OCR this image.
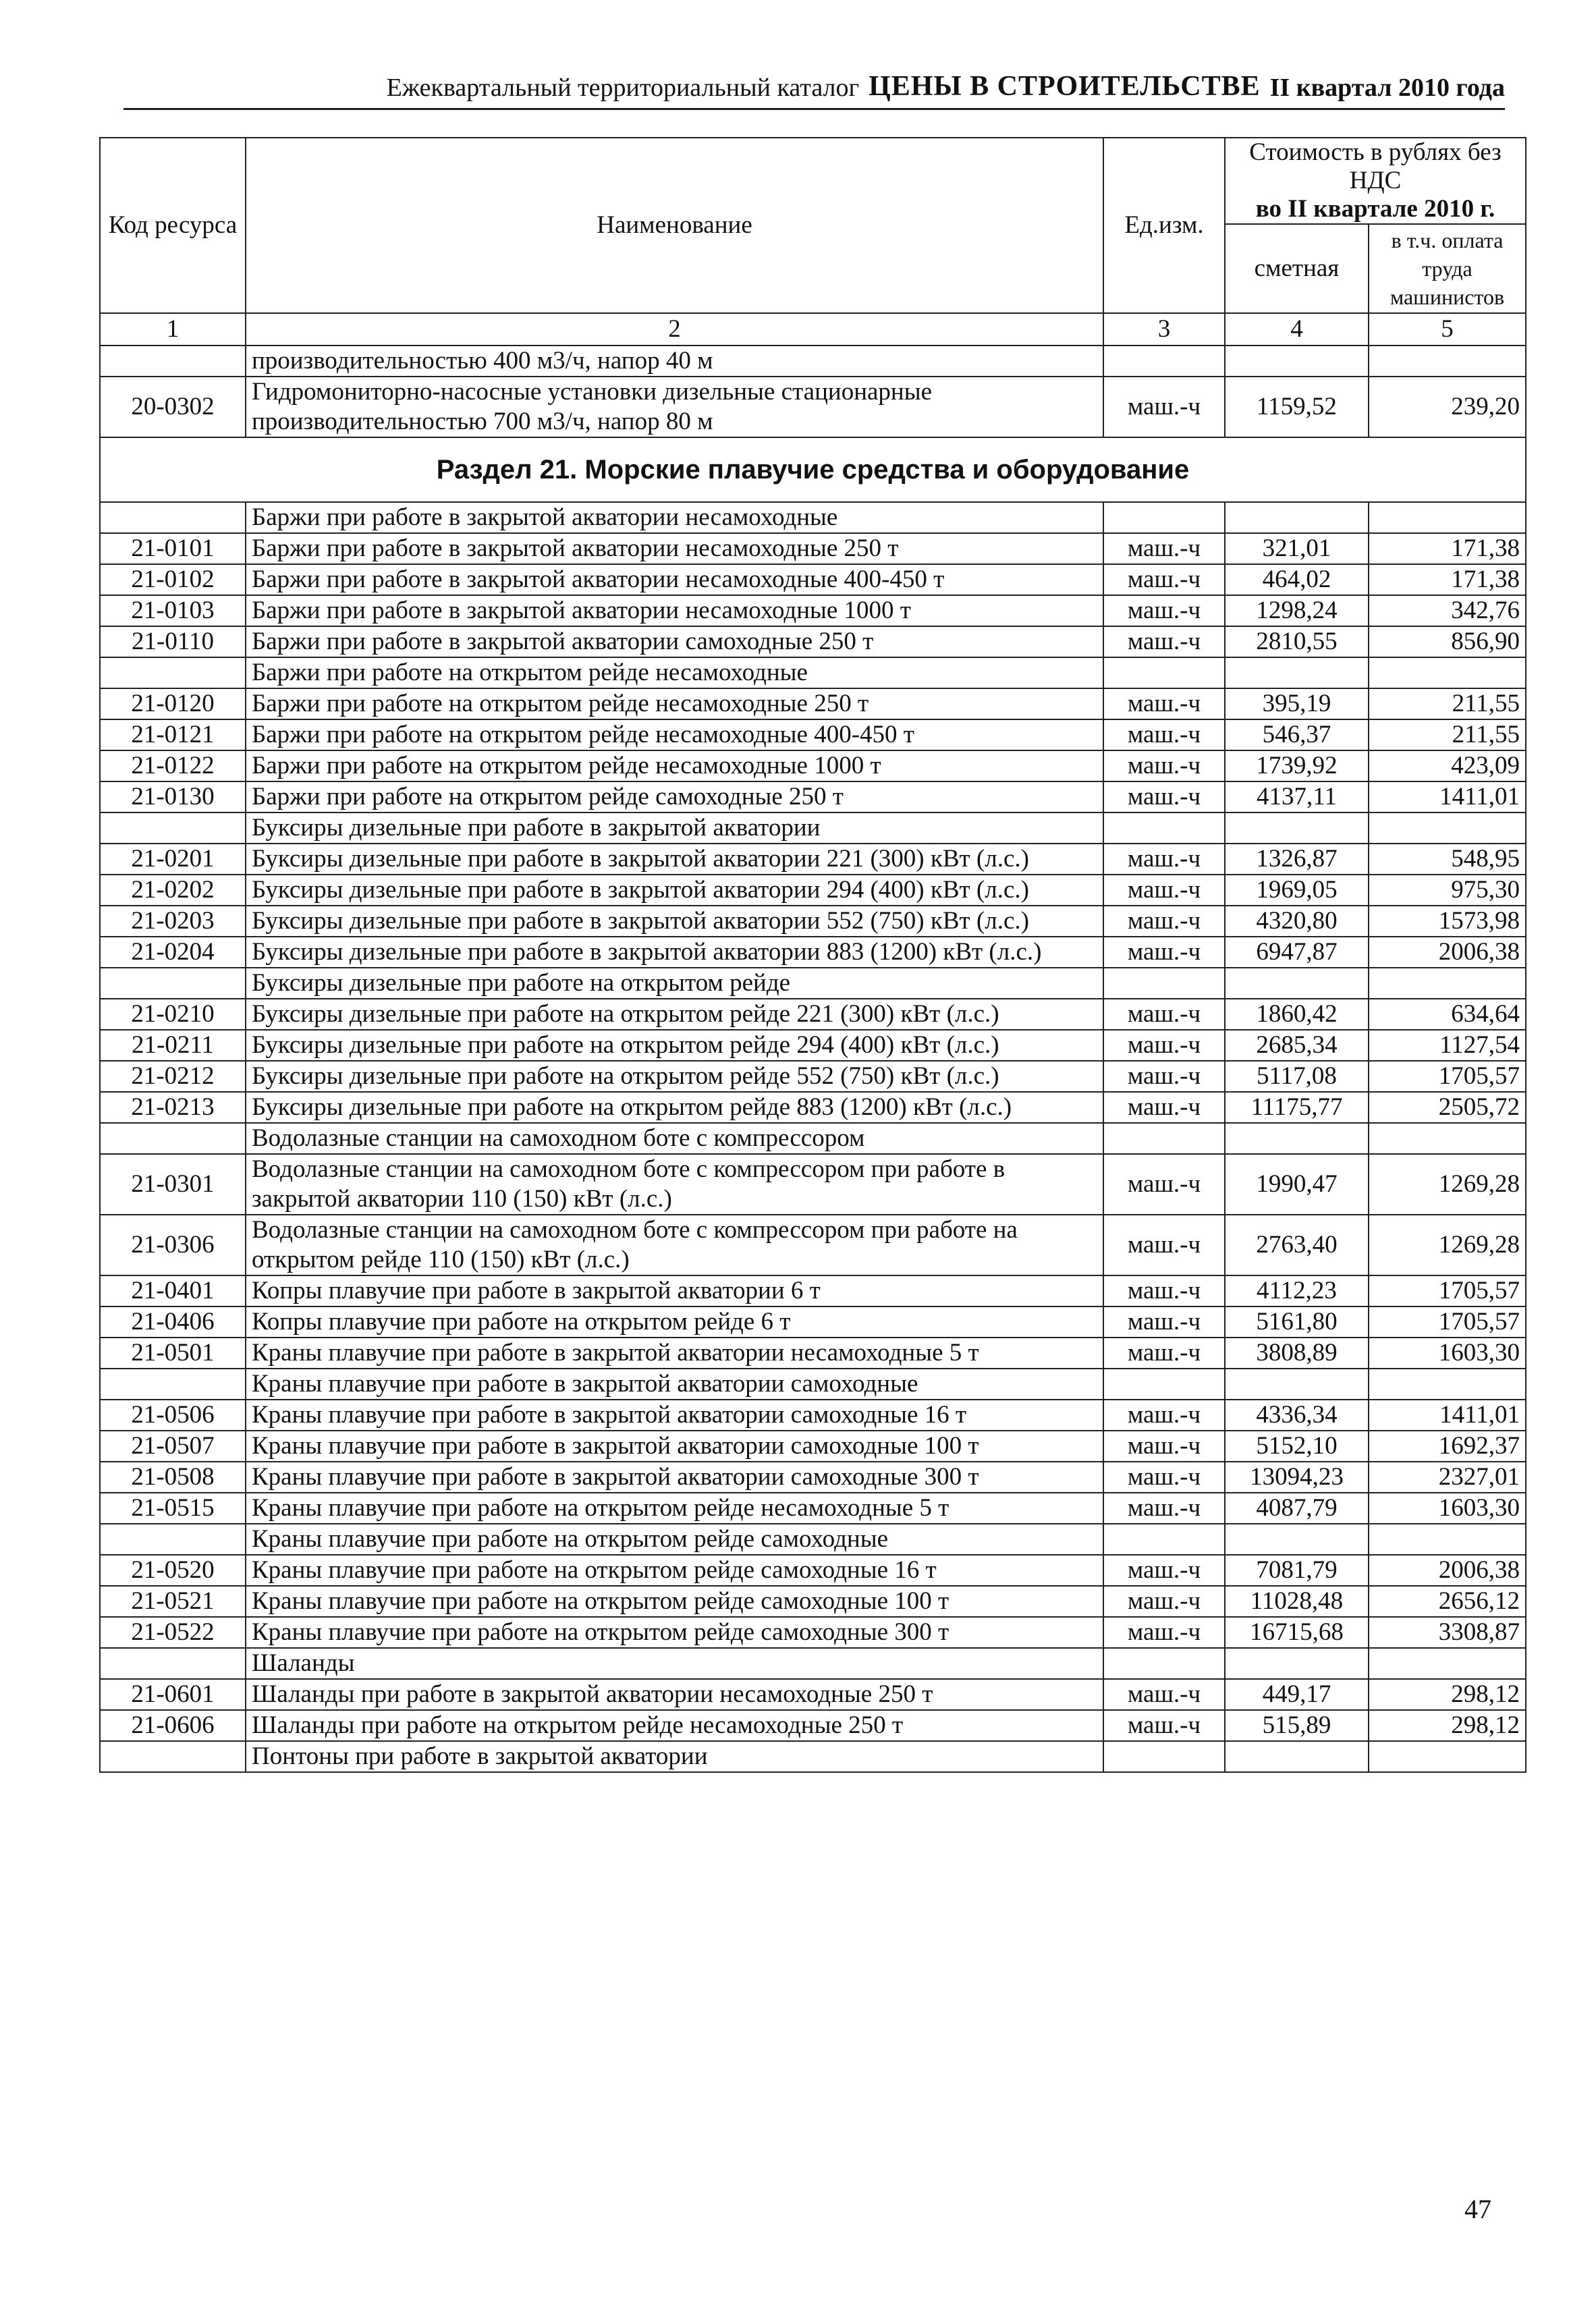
Ежеквартальный территориальный каталог ЦЕНЫ В СТРОИТЕЛЬСТВЕ II квартал 2010 года
Код ресурса	Наименование	Ед.изм.	Стоимость в рублях без НДС
во II квартале 2010 г.	

			сметная	в т.ч. оплата труда машинистов
1	2	3	4	5
	производительностью 400 м3/ч, напор 40 м			
20-0302	Гидромониторно-насосные установки дизельные стационарные производительностью 700 м3/ч, напор 80 м	маш.-ч	1159,52	239,20
Раздел 21. Морские плавучие средства и оборудование				
	Баржи при работе в закрытой акватории несамоходные			
21-0101	Баржи при работе в закрытой акватории несамоходные 250 т	маш.-ч	321,01	171,38
21-0102	Баржи при работе в закрытой акватории несамоходные 400-450 т	маш.-ч	464,02	171,38
21-0103	Баржи при работе в закрытой акватории несамоходные 1000 т	маш.-ч	1298,24	342,76
21-0110	Баржи при работе в закрытой акватории самоходные 250 т	маш.-ч	2810,55	856,90
	Баржи при работе на открытом рейде несамоходные			
21-0120	Баржи при работе на открытом рейде несамоходные 250 т	маш.-ч	395,19	211,55
21-0121	Баржи при работе на открытом рейде несамоходные 400-450 т	маш.-ч	546,37	211,55
21-0122	Баржи при работе на открытом рейде несамоходные 1000 т	маш.-ч	1739,92	423,09
21-0130	Баржи при работе на открытом рейде самоходные 250 т	маш.-ч	4137,11	1411,01
	Буксиры дизельные при работе в закрытой акватории			
21-0201	Буксиры дизельные при работе в закрытой акватории 221 (300) кВт (л.с.)	маш.-ч	1326,87	548,95
21-0202	Буксиры дизельные при работе в закрытой акватории 294 (400) кВт (л.с.)	маш.-ч	1969,05	975,30
21-0203	Буксиры дизельные при работе в закрытой акватории 552 (750) кВт (л.с.)	маш.-ч	4320,80	1573,98
21-0204	Буксиры дизельные при работе в закрытой акватории 883 (1200) кВт (л.с.)	маш.-ч	6947,87	2006,38
	Буксиры дизельные при работе на открытом рейде			
21-0210	Буксиры дизельные при работе на открытом рейде 221 (300) кВт (л.с.)	маш.-ч	1860,42	634,64
21-0211	Буксиры дизельные при работе на открытом рейде 294 (400) кВт (л.с.)	маш.-ч	2685,34	1127,54
21-0212	Буксиры дизельные при работе на открытом рейде 552 (750) кВт (л.с.)	маш.-ч	5117,08	1705,57
21-0213	Буксиры дизельные при работе на открытом рейде 883 (1200) кВт (л.с.)	маш.-ч	11175,77	2505,72
	Водолазные станции на самоходном боте с компрессором			
21-0301	Водолазные станции на самоходном боте с компрессором при работе в закрытой акватории 110 (150) кВт (л.с.)	маш.-ч	1990,47	1269,28
21-0306	Водолазные станции на самоходном боте с компрессором при работе на открытом рейде 110 (150) кВт (л.с.)	маш.-ч	2763,40	1269,28
21-0401	Копры плавучие при работе в закрытой акватории 6 т	маш.-ч	4112,23	1705,57
21-0406	Копры плавучие при работе на открытом рейде 6 т	маш.-ч	5161,80	1705,57
21-0501	Краны плавучие при работе в закрытой акватории несамоходные 5 т	маш.-ч	3808,89	1603,30
	Краны плавучие при работе в закрытой акватории самоходные			
21-0506	Краны плавучие при работе в закрытой акватории самоходные 16 т	маш.-ч	4336,34	1411,01
21-0507	Краны плавучие при работе в закрытой акватории самоходные 100 т	маш.-ч	5152,10	1692,37
21-0508	Краны плавучие при работе в закрытой акватории самоходные 300 т	маш.-ч	13094,23	2327,01
21-0515	Краны плавучие при работе на открытом рейде несамоходные 5 т	маш.-ч	4087,79	1603,30
	Краны плавучие при работе на открытом рейде самоходные			
21-0520	Краны плавучие при работе на открытом рейде самоходные 16 т	маш.-ч	7081,79	2006,38
21-0521	Краны плавучие при работе на открытом рейде самоходные 100 т	маш.-ч	11028,48	2656,12
21-0522	Краны плавучие при работе на открытом рейде самоходные 300 т	маш.-ч	16715,68	3308,87
	Шаланды			
21-0601	Шаланды при работе в закрытой акватории несамоходные 250 т	маш.-ч	449,17	298,12
21-0606	Шаланды при работе на открытом рейде несамоходные 250 т	маш.-ч	515,89	298,12
	Понтоны при работе в закрытой акватории			
47
